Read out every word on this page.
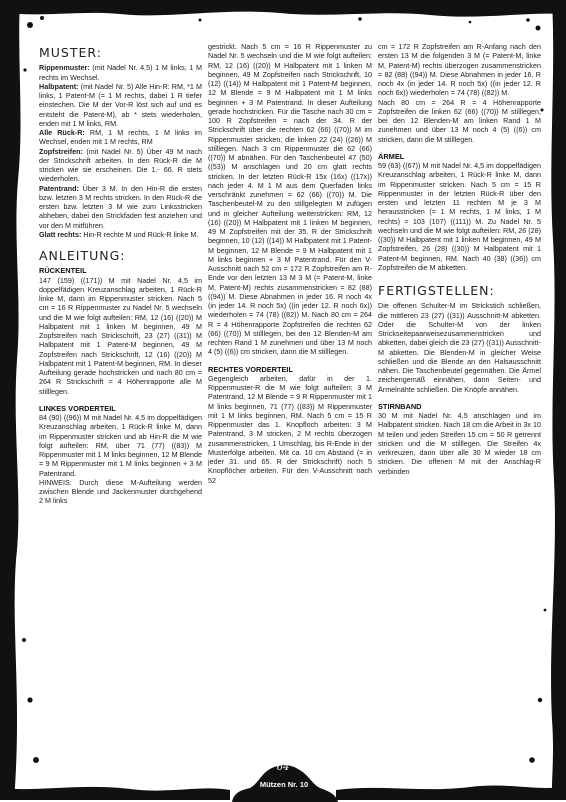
64
Mützen Nr. 10
MUSTER:

Rippenmuster: (mit Nadel Nr. 4,5) 1 M links, 1 M rechts im Wechsel.

Halbpatent: (mit Nadel Nr. 5) Alle Hin-R: RM, *1 M links, 1 Patent-M (= 1 M rechts, dabei 1 R tiefer einstechen. Die M der Vor-R löst sich auf und es entsteht die Patent-M), ab * stets wiederholen, enden mit 1 M links, RM.

Alle Rück-R: RM, 1 M rechts, 1 M links im Wechsel, enden mit 1 M rechts, RM

Zopfstreifen: (mit Nadel Nr. 5) Über 49 M nach der Strickschrift arbeiten. In den Rück-R die M stricken wie sie erscheinen. Die 1.- 66. R stets wiederholen.

Patentrand: Über 3 M. In den Hin-R die ersten bzw. letzten 3 M rechts stricken. In den Rück-R die ersten bzw. letzten 3 M wie zum Linksstricken abheben, dabei den Strickfaden fest anziehen und vor den M mitführen.

Glatt rechts: Hin-R rechte M und Rück-R linke M.

ANLEITUNG:
RÜCKENTEIL

147 (159) ((171)) M mit Nadel Nr. 4,5 im doppelfädigen Kreuzanschlag arbeiten, 1 Rück-R linke M, dann im Rippenmuster stricken. Nach 5 cm = 16 R Rippenmuster zu Nadel Nr. 5 wechseln und die M wie folgt aufteilen: RM, 12 (16) ((20)) M Halbpatent mit 1 linken M beginnen, 49 M Zopfstreifen nach Strickschrift, 23 (27) ((31)) M Halbpatent mit 1 Patent-M beginnen, 49 M Zopfstreifen nach Strickschrift, 12 (16) ((20)) M Halbpatent mit 1 Patent-M beginnen, RM. In dieser Aufteilung gerade hochstricken und nach 80 cm = 264 R Strickschrift = 4 Höhenrapporte alle M stilllegen.

LINKES VORDERTEIL

84 (90) ((96)) M mit Nadel Nr. 4,5 im doppelfädigen Kreuzanschlag arbeiten, 1 Rück-R linke M, dann im Rippenmuster stricken und ab Hin-R die M wie folgt aufteilen: RM, über 71 (77) ((83)) M Rippenmuster mit 1 M links beginnen, 12 M Blende = 9 M Rippenmuster mit 1 M links beginnen + 3 M Patentrand.

HINWEIS: Durch diese M-Aufteilung werden zwischen Blende und Jackenmuster durchgehend 2 M links

gestrickt. Nach 5 cm = 16 R Rippenmuster zu Nadel Nr. 5 wechseln und die M wie folgt aufteilen: RM, 12 (16) ((20)) M Halbpatent mit 1 linken M beginnen, 49 M Zopfstreifen nach Strickschrift, 10 (12) ((14)) M Halbpatent mit 1 Patent-M beginnen, 12 M Blende = 9 M Halbpatent mit 1 M links beginnen + 3 M Patentrand. In dieser Aufteilung gerade hochstricken. Für die Tasche nach 30 cm = 100 R Zopfstreifen = nach der 34. R der Strickschrift über die rechten 62 (66) ((70)) M im Rippenmuster stricken, die linken 22 (24) ((26)) M stilllegen. Nach 3 cm Rippenmuster die 62 (66) ((70)) M abnähen. Für den Taschenbeutel 47 (50) ((53)) M anschlagen und 20 cm glatt rechts stricken. In der letzten Rück-R 15x (16x) ((17x)) nach jeder 4. M 1 M aus dem Querfaden links verschränkt zunehmen = 62 (66) ((70)) M. Die Taschenbeutel-M zu den stillgelegten M zufügen und in gleicher Aufteilung weiterstricken: RM, 12 (16) ((20)) M Halbpatent mit 1 linken M beginnen, 49 M Zopfstreifen mit der 35. R der Strickschrift beginnen, 10 (12) ((14)) M Halbpatent mit 1 Patent-M beginnen, 12 M Blende = 9 M Halbpatent mit 1 M links beginnen + 3 M Patentrand. Für den V-Ausschnitt nach 52 cm = 172 R Zopfstreifen am R-Ende vor den letzten 13 M 3 M (= Patent-M, linke M, Patent-M) rechts zusammenstricken = 82 (88) ((94)) M. Diese Abnahmen in jeder 16. R noch 4x (in jeder 14. R noch 5x) ((in jeder 12. R noch 6x)) wiederholen = 74 (78) ((82)) M. Nach 80 cm = 264 R = 4 Höhenrapporte Zopfstreifen die rechten 62 (66) ((70)) M stilllegen, bei den 12 Blenden-M am rechten Rand 1 M zunehmen und über 13 M noch 4 (5) ((6)) cm stricken, dann die M stilllegen.

RECHTES VORDERTEIL

Gegengleich arbeiten, dafür in der 1. Rippenmuster-R die M wie folgt aufteilen: 3 M Patentrand, 12 M Blende = 9 R Rippenmuster mit 1 M links beginnen, 71 (77) ((83)) M Rippenmuster mit 1 M links beginnen, RM. Nach 5 cm = 15 R Rippenmuster das 1. Knopfloch arbeiten: 3 M Patentrand, 3 M stricken, 2 M rechts überzogen zusammenstricken, 1 Umschlag, bis R-Ende in der Musterfolge arbeiten. Mit ca. 10 cm Abstand (= in jeder 31. und 65. R der Strickschrift) noch 5 Knopflöcher arbeiten. Für den V-Ausschnitt nach 52

cm = 172 R Zopfstreifen am R-Anfang nach den ersten 13 M die folgenden 3 M (= Patent-M, linke M, Patent-M) rechts überzogen zusammenstricken = 82 (88) ((94)) M. Diese Abnahmen in jeder 16. R noch 4x (in jeder 14. R noch 5x) ((in jeder 12. R noch 6x)) wiederholen = 74 (78) ((82)) M.

Nach 80 cm = 264 R = 4 Höhenrapporte Zopfstreifen die linken 62 (66) ((70)) M stilllegen, bei den 12 Blenden-M am linken Rand 1 M zunehmen und über 13 M noch 4 (5) ((6)) cm stricken, dann die M stilllegen.

ÄRMEL

59 (63) ((67)) M mit Nadel Nr. 4,5 im doppelfädigen Kreuzanschlag arbeiten, 1 Rück-R linke M, dann im Rippenmuster stricken. Nach 5 cm = 15 R Rippenmuster in der letzten Rück-R über den ersten und letzten 11 rechten M je 3 M herausstricken (= 1 M rechts, 1 M links, 1 M rechts) = 103 (107) ((111)) M. Zu Nadel Nr. 5 wechseln und die M wie folgt aufteilen: RM, 26 (28) ((30)) M Halbpatent mit 1 linken M beginnen, 49 M Zopfstreifen, 26 (28) ((30)) M Halbpatent mit 1 Patent-M beginnen, RM. Nach 40 (38) ((36)) cm Zopfstreifen die M abketten.

FERTIGSTELLEN:

Die offenen Schulter-M im Strickstich schließen, die mittleren 23 (27) ((31)) Ausschnitt-M abketten. Oder die Schulter-M von der linken Strickseitepaarweisezusammenstricken und abketten, dabei gleich die 23 (27) ((31)) Ausschnitt-M abketten. Die Blenden-M in gleicher Weise schließen und die Blende an den Halsausschnitt nähen. Die Taschenbeutel gegennähen. Die Ärmel zeichengemäß einnähen, dann Seiten- und Ärmelnähte schließen. Die Knöpfe annähen.

STIRNBAND

30 M mit Nadel Nr. 4,5 anschlagen und im Halbpatent stricken. Nach 18 cm die Arbeit in 3x 10 M teilen und jeden Streifen 15 cm = 50 R getrennt stricken und die M stilllegen. Die Streifen 4x verkreuzen, dann über alle 30 M wieder 18 cm stricken. Die offenen M mit der Anschlag-R verbinden
